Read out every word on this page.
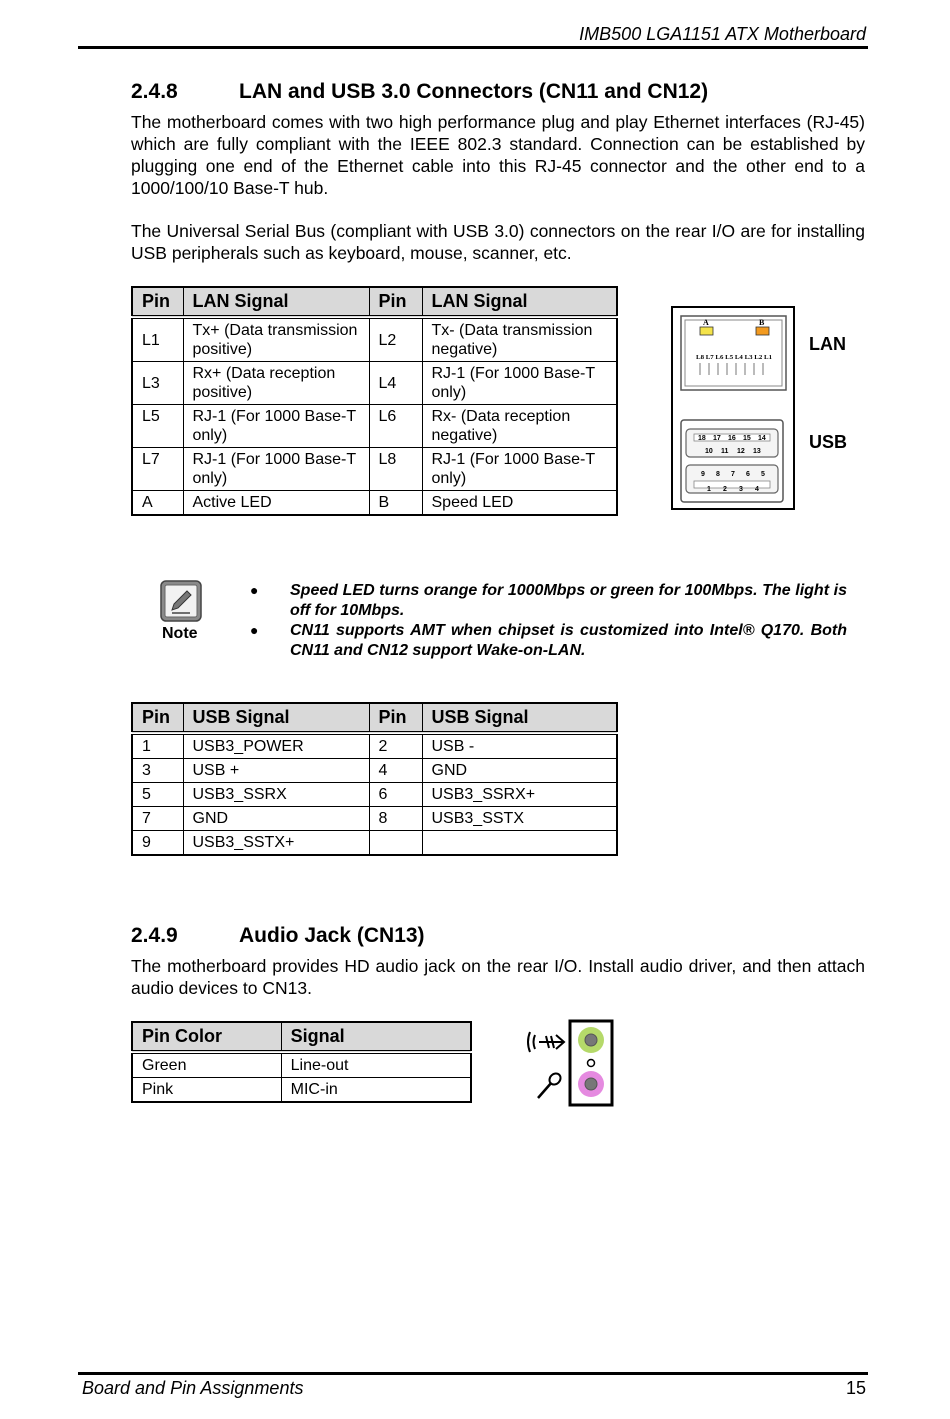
IMB500 LGA1151 ATX Motherboard
2.4.8	LAN and USB 3.0 Connectors (CN11 and CN12)

The motherboard comes with two high performance plug and play Ethernet interfaces (RJ-45) which are fully compliant with the IEEE 802.3 standard. Connection can be established by plugging one end of the Ethernet cable into this RJ-45 connector and the other end to a 1000/100/10 Base-T hub.

The Universal Serial Bus (compliant with USB 3.0) connectors on the rear I/O are for installing USB peripherals such as keyboard, mouse, scanner, etc.

Pin	LAN Signal	Pin	LAN Signal
L1	Tx+ (Data transmission positive)	L2	Tx- (Data transmission negative)
L3	Rx+ (Data reception positive)	L4	RJ-1 (For 1000 Base-T only)
L5	RJ-1 (For 1000 Base-T only)	L6	Rx- (Data reception negative)
L7	RJ-1 (For 1000 Base-T only)	L8	RJ-1 (For 1000 Base-T only)
A	Active LED	B	Speed LED
A	B
L8 L7 L6 L5 L4 L3 L2 L1
18 17 16 15 14
10 11 12 13
9 8 7 6 5
1 2 3 4
LAN
USB
Note
●
●
Speed LED turns orange for 1000Mbps or green for 100Mbps. The light is off for 10Mbps.
CN11 supports AMT when chipset is customized into Intel® Q170. Both CN11 and CN12 support Wake-on-LAN.
Pin	USB Signal	Pin	USB Signal
1	USB3_POWER	2	USB -
3	USB +	4	GND
5	USB3_SSRX	6	USB3_SSRX+
7	GND	8	USB3_SSTX
9	USB3_SSTX+		
2.4.9	Audio Jack (CN13)

The motherboard provides HD audio jack on the rear I/O. Install audio driver, and then attach audio devices to CN13.

Pin Color	Signal
Green	Line-out
Pink	MIC-in
Board and Pin Assignments	15
